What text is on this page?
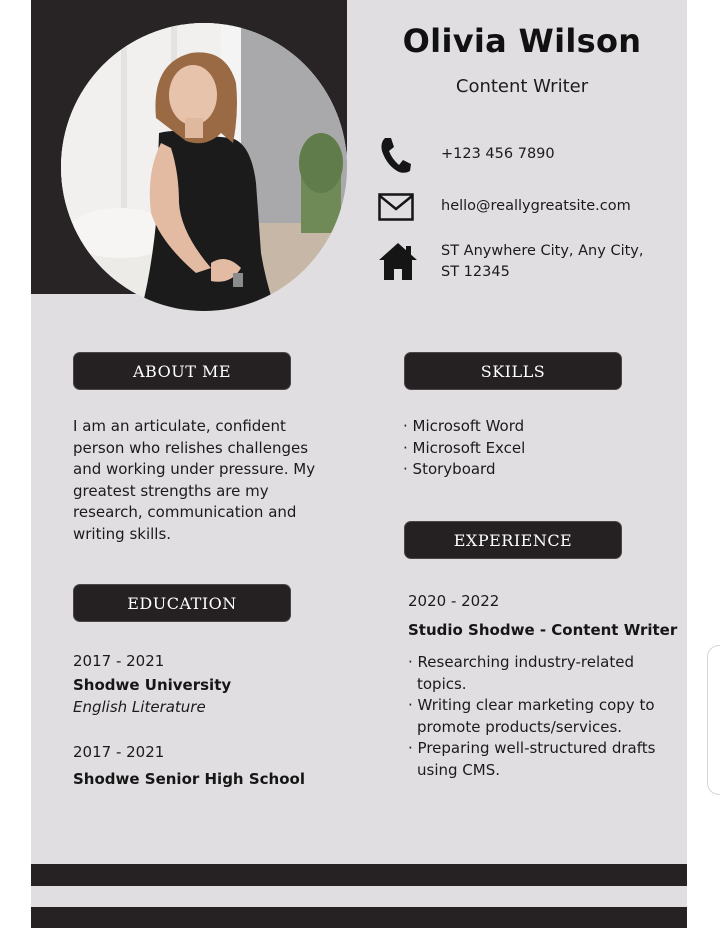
Olivia Wilson
Content Writer
+123 456 7890
hello@reallygreatsite.com
ST Anywhere City, Any City, ST 12345
ABOUT ME
I am an articulate, confident person who relishes challenges and working under pressure. My greatest strengths are my research, communication and writing skills.
SKILLS
· Microsoft Word
· Microsoft Excel
· Storyboard
EDUCATION
2017 - 2021
Shodwe University
English Literature
2017 - 2021
Shodwe Senior High School
EXPERIENCE
2020 - 2022
Studio Shodwe - Content Writer
· Researching industry-related topics.
· Writing clear marketing copy to promote products/services.
· Preparing well-structured drafts using CMS.
